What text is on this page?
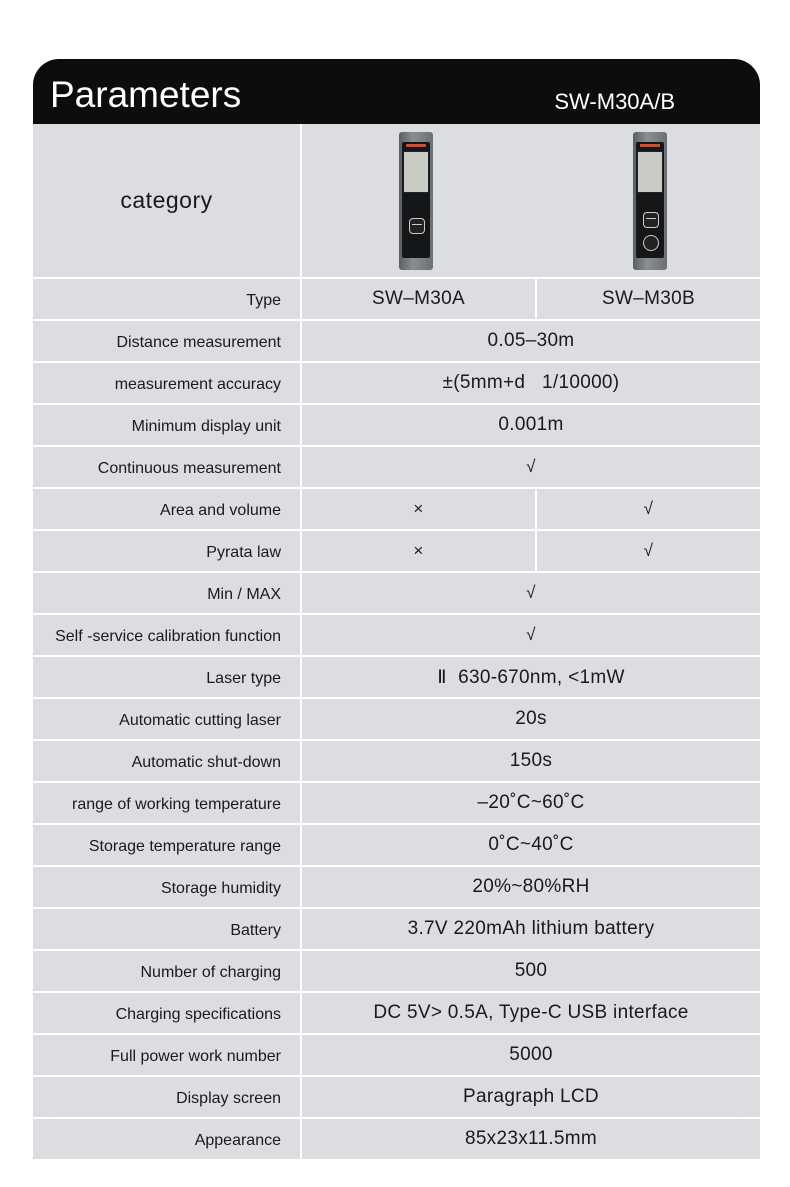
Parameters	SW-M30A/B
category
Type	SW–M30A	SW–M30B
Distance measurement	0.05–30m
measurement accuracy	±(5mm+d   1/10000)
Minimum display unit	0.001m
Continuous measurement	√
Area and volume	×	√
Pyrata law	×	√
Min / MAX	√
Self -service calibration function	√
Laser type	Ⅱ  630-670nm, <1mW
Automatic cutting laser	20s
Automatic shut-down	150s
range of working temperature	–20˚C~60˚C
Storage temperature range	0˚C~40˚C
Storage humidity	20%~80%RH
Battery	3.7V 220mAh lithium battery
Number of charging	500
Charging specifications	DC 5V> 0.5A, Type-C USB interface
Full power work number	5000
Display screen	Paragraph LCD
Appearance	85x23x11.5mm
